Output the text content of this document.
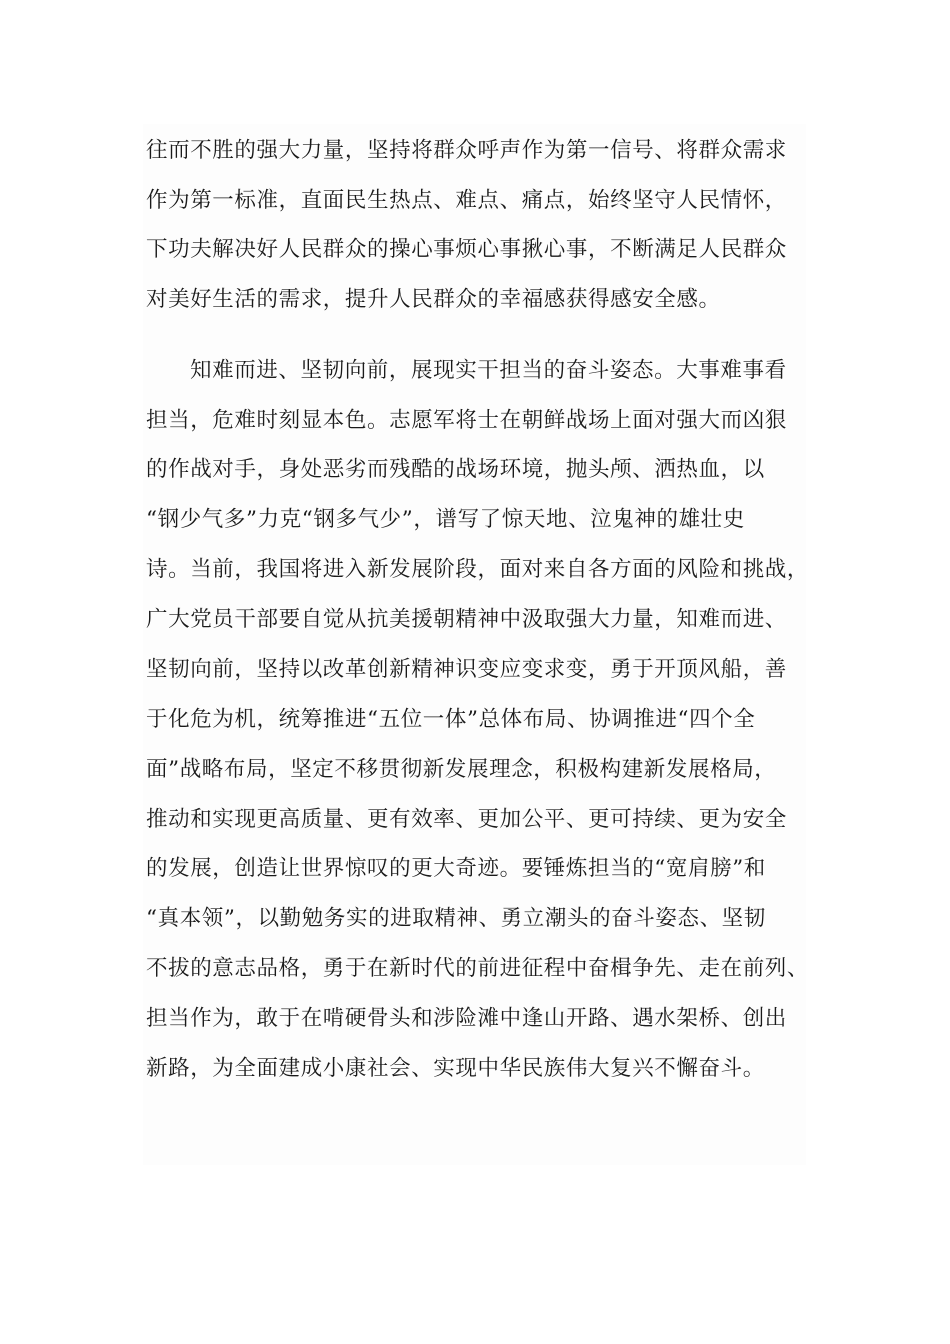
往而不胜的强大力量，坚持将群众呼声作为第一信号、将群众需求
作为第一标准，直面民生热点、难点、痛点，始终坚守人民情怀，
下功夫解决好人民群众的操心事烦心事揪心事，不断满足人民群众
对美好生活的需求，提升人民群众的幸福感获得感安全感。
知难而进、坚韧向前，展现实干担当的奋斗姿态。大事难事看
担当，危难时刻显本色。志愿军将士在朝鲜战场上面对强大而凶狠
的作战对手，身处恶劣而残酷的战场环境，抛头颅、洒热血，以
“钢少气多”力克“钢多气少”，谱写了惊天地、泣鬼神的雄壮史
诗。当前，我国将进入新发展阶段，面对来自各方面的风险和挑战，
广大党员干部要自觉从抗美援朝精神中汲取强大力量，知难而进、
坚韧向前，坚持以改革创新精神识变应变求变，勇于开顶风船，善
于化危为机，统筹推进“五位一体”总体布局、协调推进“四个全
面”战略布局，坚定不移贯彻新发展理念，积极构建新发展格局，
推动和实现更高质量、更有效率、更加公平、更可持续、更为安全
的发展，创造让世界惊叹的更大奇迹。要锤炼担当的“宽肩膀”和
“真本领”，以勤勉务实的进取精神、勇立潮头的奋斗姿态、坚韧
不拔的意志品格，勇于在新时代的前进征程中奋楫争先、走在前列、
担当作为，敢于在啃硬骨头和涉险滩中逢山开路、遇水架桥、创出
新路，为全面建成小康社会、实现中华民族伟大复兴不懈奋斗。
